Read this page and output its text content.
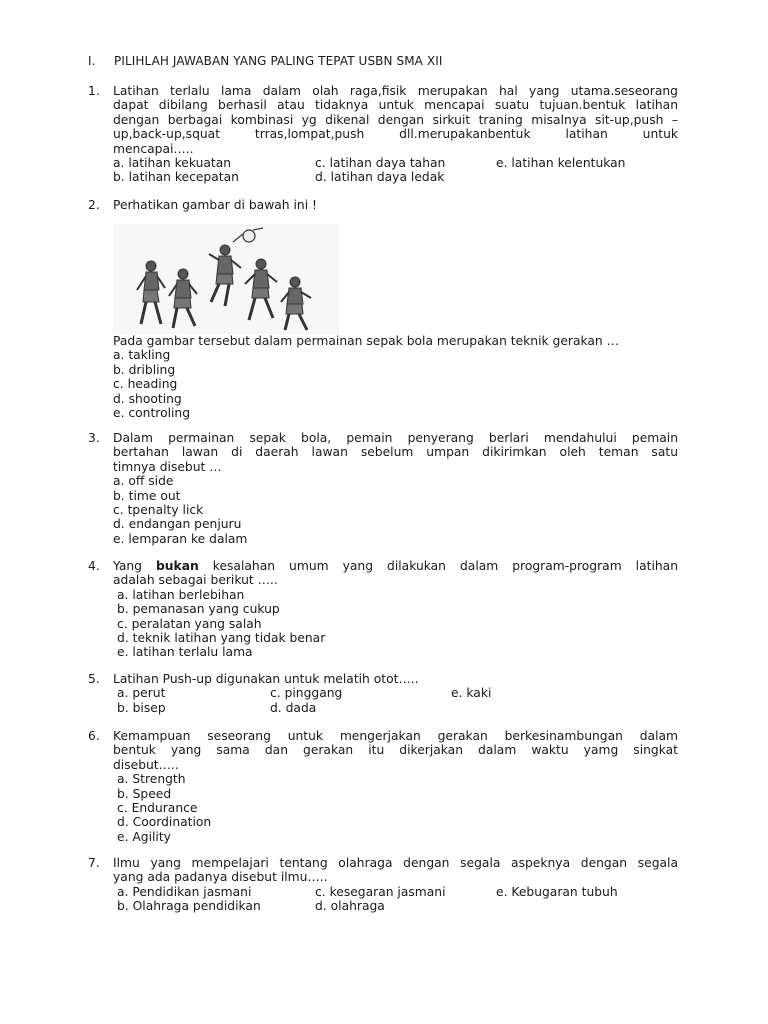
I. PILIHLAH JAWABAN YANG PALING TEPAT USBN SMA XII
1.	Latihan terlalu lama dalam olah raga,fisik merupakan hal yang utama.seseorang
dapat dibilang berhasil atau tidaknya untuk mencapai suatu tujuan.bentuk latihan
dengan berbagai kombinasi yg dikenal dengan sirkuit traning misalnya sit-up,push –
up,back-up,squat trras,lompat,push dll.merupakanbentuk latihan untuk
mencapai…..
a. latihan kekuatan	c. latihan daya tahan	e. latihan kelentukan
b. latihan kecepatan	d. latihan daya ledak
2.	Perhatikan gambar di bawah ini !
Pada gambar tersebut dalam permainan sepak bola merupakan teknik gerakan …
a. takling
b. dribling
c. heading
d. shooting
e. controling
3.	Dalam permainan sepak bola, pemain penyerang berlari mendahului pemain
bertahan lawan di daerah lawan sebelum umpan dikirimkan oleh teman satu
timnya disebut …
a. off side
b. time out
c. tpenalty lick
d. endangan penjuru
e. lemparan ke dalam
4.	Yang bukan kesalahan umum yang dilakukan dalam program-program latihan
adalah sebagai berikut …..
a. latihan berlebihan
b. pemanasan yang cukup
c. peralatan yang salah
d. teknik latihan yang tidak benar
e. latihan terlalu lama
5.	Latihan Push-up digunakan untuk melatih otot…..
a. perut	c. pinggang	e. kaki
b. bisep	d. dada
6.	Kemampuan seseorang untuk mengerjakan gerakan berkesinambungan dalam
bentuk yang sama dan gerakan itu dikerjakan dalam waktu yamg singkat
disebut…..
a. Strength
b. Speed
c. Endurance
d. Coordination
e. Agility
7.	Ilmu yang mempelajari tentang olahraga dengan segala aspeknya dengan segala
yang ada padanya disebut ilmu…..
a. Pendidikan jasmani	c. kesegaran jasmani	e. Kebugaran tubuh
b. Olahraga pendidikan	d. olahraga
